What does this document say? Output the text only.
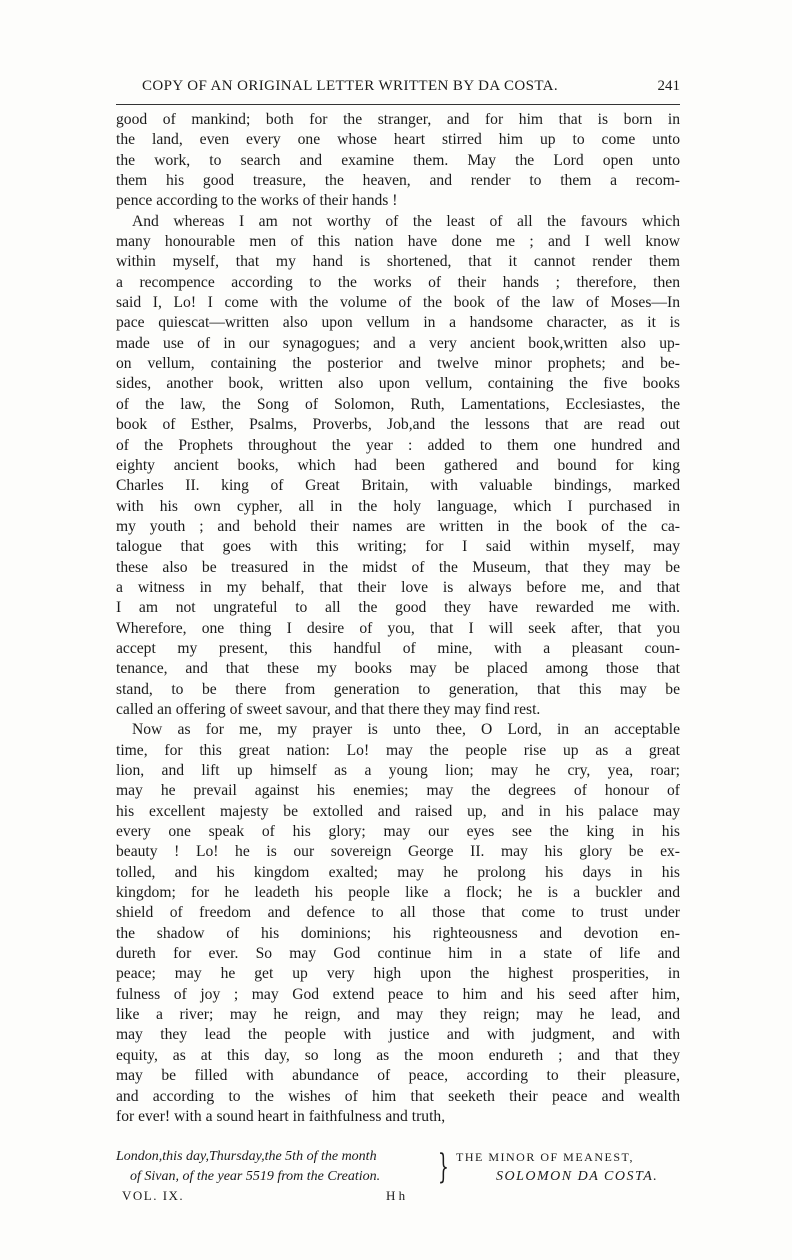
COPY OF AN ORIGINAL LETTER WRITTEN BY DA COSTA.	241
good of mankind; both for the stranger, and for him that is born in
the land, even every one whose heart stirred him up to come unto
the work, to search and examine them. May the Lord open unto
them his good treasure, the heaven, and render to them a recom-
pence according to the works of their hands !
And whereas I am not worthy of the least of all the favours which
many honourable men of this nation have done me ; and I well know
within myself, that my hand is shortened, that it cannot render them
a recompence according to the works of their hands ; therefore, then
said I, Lo! I come with the volume of the book of the law of Moses—In
pace quiescat—written also upon vellum in a handsome character, as it is
made use of in our synagogues; and a very ancient book,written also up-
on vellum, containing the posterior and twelve minor prophets; and be-
sides, another book, written also upon vellum, containing the five books
of the law, the Song of Solomon, Ruth, Lamentations, Ecclesiastes, the
book of Esther, Psalms, Proverbs, Job,and the lessons that are read out
of the Prophets throughout the year : added to them one hundred and
eighty ancient books, which had been gathered and bound for king
Charles II. king of Great Britain, with valuable bindings, marked
with his own cypher, all in the holy language, which I purchased in
my youth ; and behold their names are written in the book of the ca-
talogue that goes with this writing; for I said within myself, may
these also be treasured in the midst of the Museum, that they may be
a witness in my behalf, that their love is always before me, and that
I am not ungrateful to all the good they have rewarded me with.
Wherefore, one thing I desire of you, that I will seek after, that you
accept my present, this handful of mine, with a pleasant coun-
tenance, and that these my books may be placed among those that
stand, to be there from generation to generation, that this may be
called an offering of sweet savour, and that there they may find rest.
Now as for me, my prayer is unto thee, O Lord, in an acceptable
time, for this great nation: Lo! may the people rise up as a great
lion, and lift up himself as a young lion; may he cry, yea, roar;
may he prevail against his enemies; may the degrees of honour of
his excellent majesty be extolled and raised up, and in his palace may
every one speak of his glory; may our eyes see the king in his
beauty ! Lo! he is our sovereign George II. may his glory be ex-
tolled, and his kingdom exalted; may he prolong his days in his
kingdom; for he leadeth his people like a flock; he is a buckler and
shield of freedom and defence to all those that come to trust under
the shadow of his dominions; his righteousness and devotion en-
dureth for ever. So may God continue him in a state of life and
peace; may he get up very high upon the highest prosperities, in
fulness of joy ; may God extend peace to him and his seed after him,
like a river; may he reign, and may they reign; may he lead, and
may they lead the people with justice and with judgment, and with
equity, as at this day, so long as the moon endureth ; and that they
may be filled with abundance of peace, according to their pleasure,
and according to the wishes of him that seeketh their peace and wealth
for ever! with a sound heart in faithfulness and truth,
London,this day,Thursday,the 5th of the month
of Sivan, of the year 5519 from the Creation. } THE MINOR OF MEANEST,
SOLOMON DA COSTA.
VOL. IX.	H h
